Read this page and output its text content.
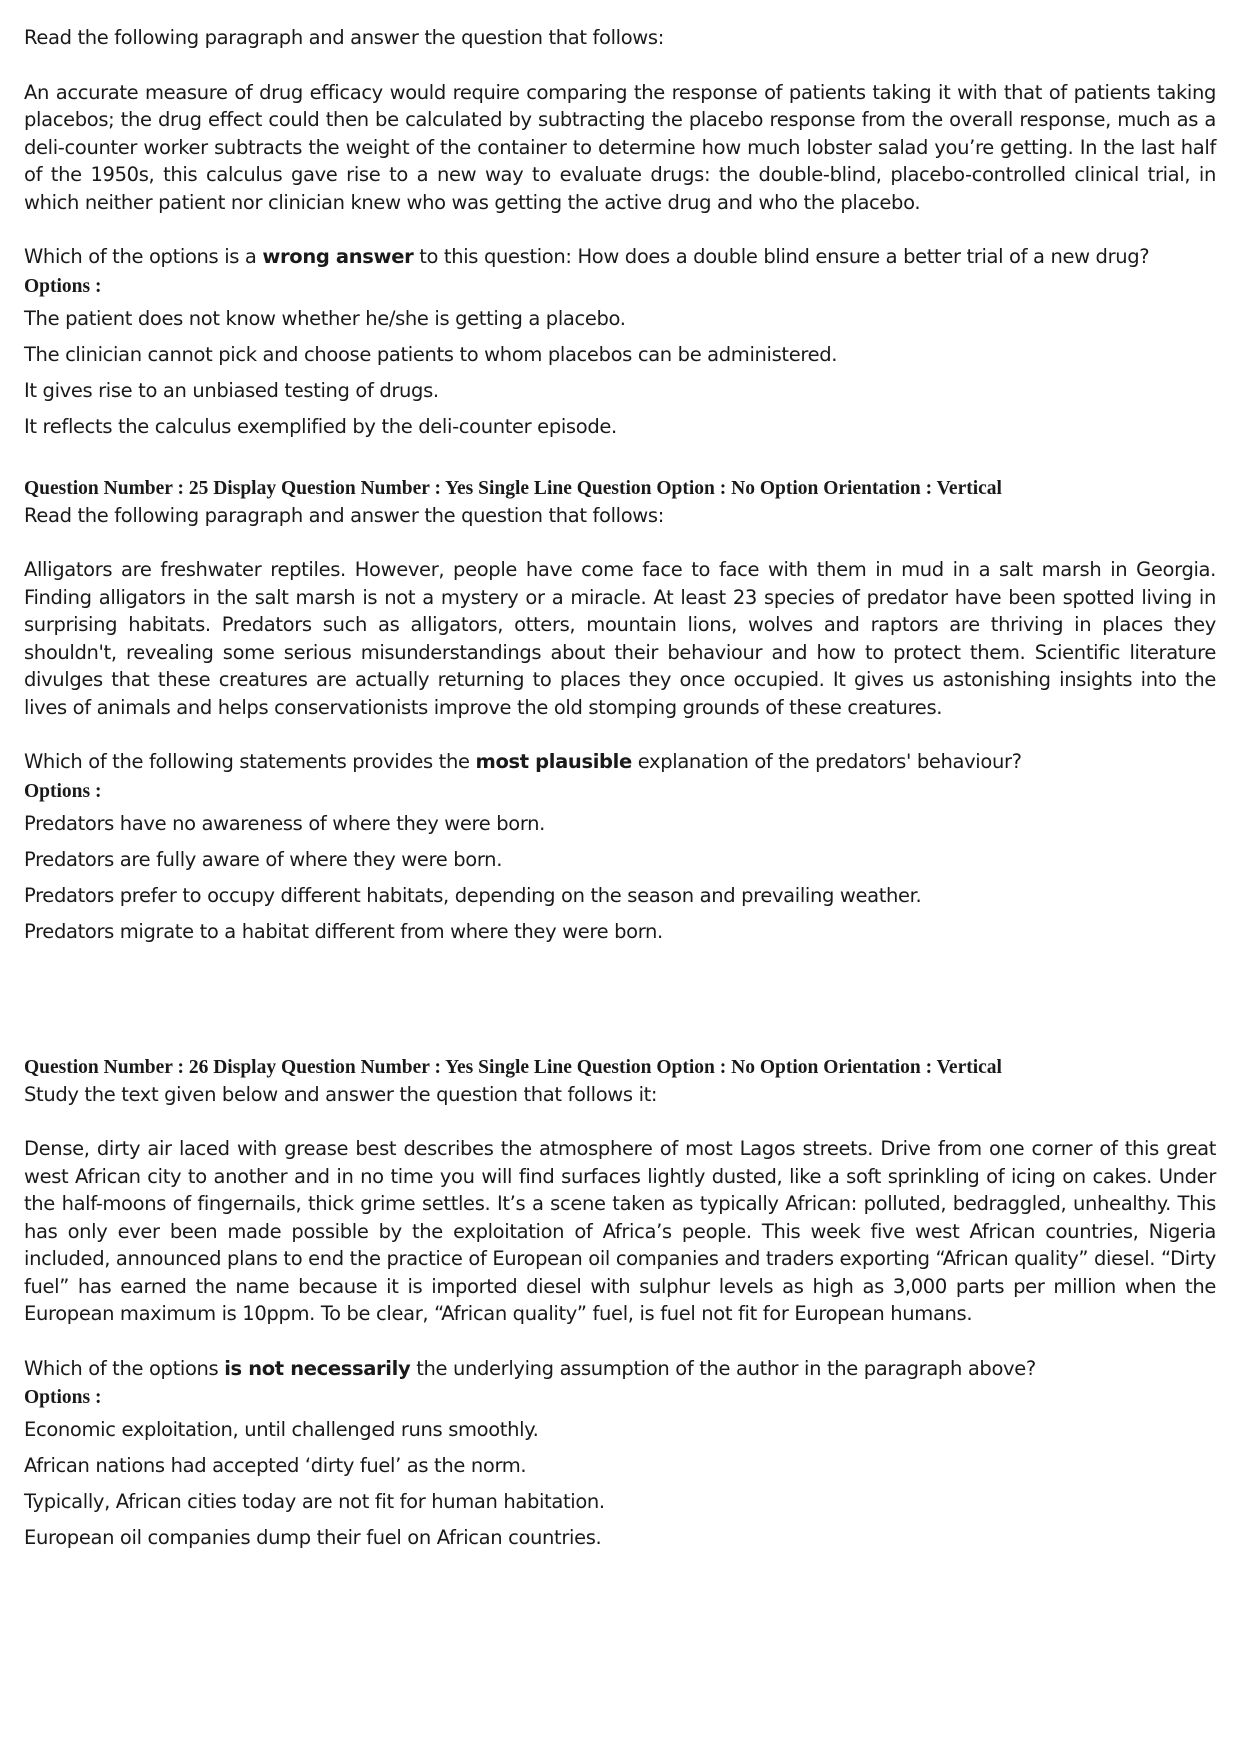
Read the following paragraph and answer the question that follows:

An accurate measure of drug efficacy would require comparing the response of patients taking it with that of patients taking placebos; the drug effect could then be calculated by subtracting the placebo response from the overall response, much as a deli-counter worker subtracts the weight of the container to determine how much lobster salad you’re getting. In the last half of the 1950s, this calculus gave rise to a new way to evaluate drugs: the double-blind, placebo-controlled clinical trial, in which neither patient nor clinician knew who was getting the active drug and who the placebo.

Which of the options is a wrong answer to this question: How does a double blind ensure a better trial of a new drug?

Options :

The patient does not know whether he/she is getting a placebo.

The clinician cannot pick and choose patients to whom placebos can be administered.

It gives rise to an unbiased testing of drugs.

It reflects the calculus exemplified by the deli-counter episode.

Question Number : 25 Display Question Number : Yes Single Line Question Option : No Option Orientation : Vertical

Read the following paragraph and answer the question that follows:

Alligators are freshwater reptiles. However, people have come face to face with them in mud in a salt marsh in Georgia. Finding alligators in the salt marsh is not a mystery or a miracle. At least 23 species of predator have been spotted living in surprising habitats. Predators such as alligators, otters, mountain lions, wolves and raptors are thriving in places they shouldn't, revealing some serious misunderstandings about their behaviour and how to protect them. Scientific literature divulges that these creatures are actually returning to places they once occupied. It gives us astonishing insights into the lives of animals and helps conservationists improve the old stomping grounds of these creatures.

Which of the following statements provides the most plausible explanation of the predators' behaviour?

Options :

Predators have no awareness of where they were born.

Predators are fully aware of where they were born.

Predators prefer to occupy different habitats, depending on the season and prevailing weather.

Predators migrate to a habitat different from where they were born.

Question Number : 26 Display Question Number : Yes Single Line Question Option : No Option Orientation : Vertical

Study the text given below and answer the question that follows it:

Dense, dirty air laced with grease best describes the atmosphere of most Lagos streets. Drive from one corner of this great west African city to another and in no time you will find surfaces lightly dusted, like a soft sprinkling of icing on cakes. Under the half-moons of fingernails, thick grime settles. It’s a scene taken as typically African: polluted, bedraggled, unhealthy. This has only ever been made possible by the exploitation of Africa’s people. This week five west African countries, Nigeria included, announced plans to end the practice of European oil companies and traders exporting “African quality” diesel. “Dirty fuel” has earned the name because it is imported diesel with sulphur levels as high as 3,000 parts per million when the European maximum is 10ppm. To be clear, “African quality” fuel, is fuel not fit for European humans.

Which of the options is not necessarily the underlying assumption of the author in the paragraph above?

Options :

Economic exploitation, until challenged runs smoothly.

African nations had accepted ‘dirty fuel’ as the norm.

Typically, African cities today are not fit for human habitation.

European oil companies dump their fuel on African countries.
